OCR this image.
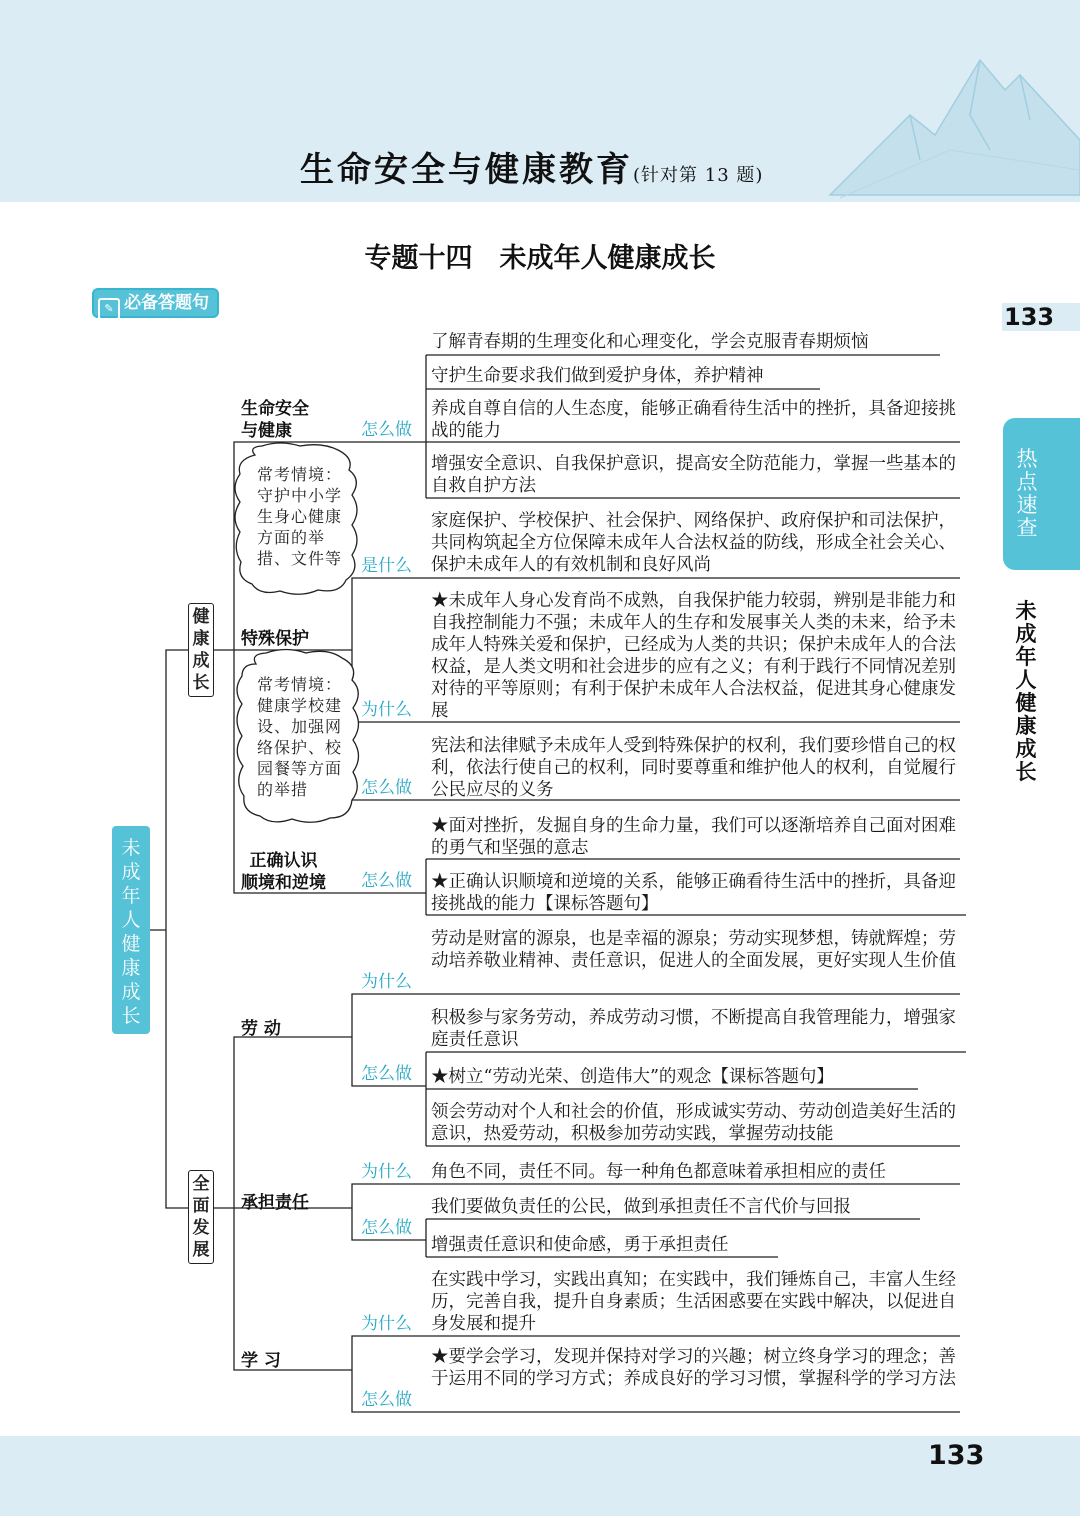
生命安全与健康教育(针对第 13 题)
专题十四　未成年人健康成长
✎ 必备答题句	133
热点速查
未成年人健康成长
133
未成年人健康成长
健康成长
全面发展
生命安全
与健康
特殊保护
正确认识
顺境和逆境
劳 动
承担责任
学 习
常考情境：守护中小学生身心健康方面的举措、文件等
常考情境：健康学校建设、加强网络保护、校园餐等方面的举措
怎么做
是什么
为什么
怎么做
怎么做
为什么
怎么做
为什么
怎么做
为什么
怎么做
了解青春期的生理变化和心理变化，学会克服青春期烦恼
守护生命要求我们做到爱护身体，养护精神
养成自尊自信的人生态度，能够正确看待生活中的挫折，具备迎接挑战的能力
增强安全意识、自我保护意识，提高安全防范能力，掌握一些基本的自救自护方法
家庭保护、学校保护、社会保护、网络保护、政府保护和司法保护，共同构筑起全方位保障未成年人合法权益的防线，形成全社会关心、保护未成年人的有效机制和良好风尚
★未成年人身心发育尚不成熟，自我保护能力较弱，辨别是非能力和自我控制能力不强；未成年人的生存和发展事关人类的未来，给予未成年人特殊关爱和保护，已经成为人类的共识；保护未成年人的合法权益，是人类文明和社会进步的应有之义；有利于践行不同情况差别对待的平等原则；有利于保护未成年人合法权益，促进其身心健康发展
宪法和法律赋予未成年人受到特殊保护的权利，我们要珍惜自己的权利，依法行使自己的权利，同时要尊重和维护他人的权利，自觉履行公民应尽的义务
★面对挫折，发掘自身的生命力量，我们可以逐渐培养自己面对困难的勇气和坚强的意志
★正确认识顺境和逆境的关系，能够正确看待生活中的挫折，具备迎接挑战的能力【课标答题句】
劳动是财富的源泉，也是幸福的源泉；劳动实现梦想，铸就辉煌；劳动培养敬业精神、责任意识，促进人的全面发展，更好实现人生价值
积极参与家务劳动，养成劳动习惯，不断提高自我管理能力，增强家庭责任意识
★树立“劳动光荣、创造伟大”的观念【课标答题句】
领会劳动对个人和社会的价值，形成诚实劳动、劳动创造美好生活的意识，热爱劳动，积极参加劳动实践，掌握劳动技能
角色不同，责任不同。每一种角色都意味着承担相应的责任
我们要做负责任的公民，做到承担责任不言代价与回报
增强责任意识和使命感，勇于承担责任
在实践中学习，实践出真知；在实践中，我们锤炼自己，丰富人生经历，完善自我，提升自身素质；生活困惑要在实践中解决，以促进自身发展和提升
★要学会学习，发现并保持对学习的兴趣；树立终身学习的理念；善于运用不同的学习方式；养成良好的学习习惯，掌握科学的学习方法
